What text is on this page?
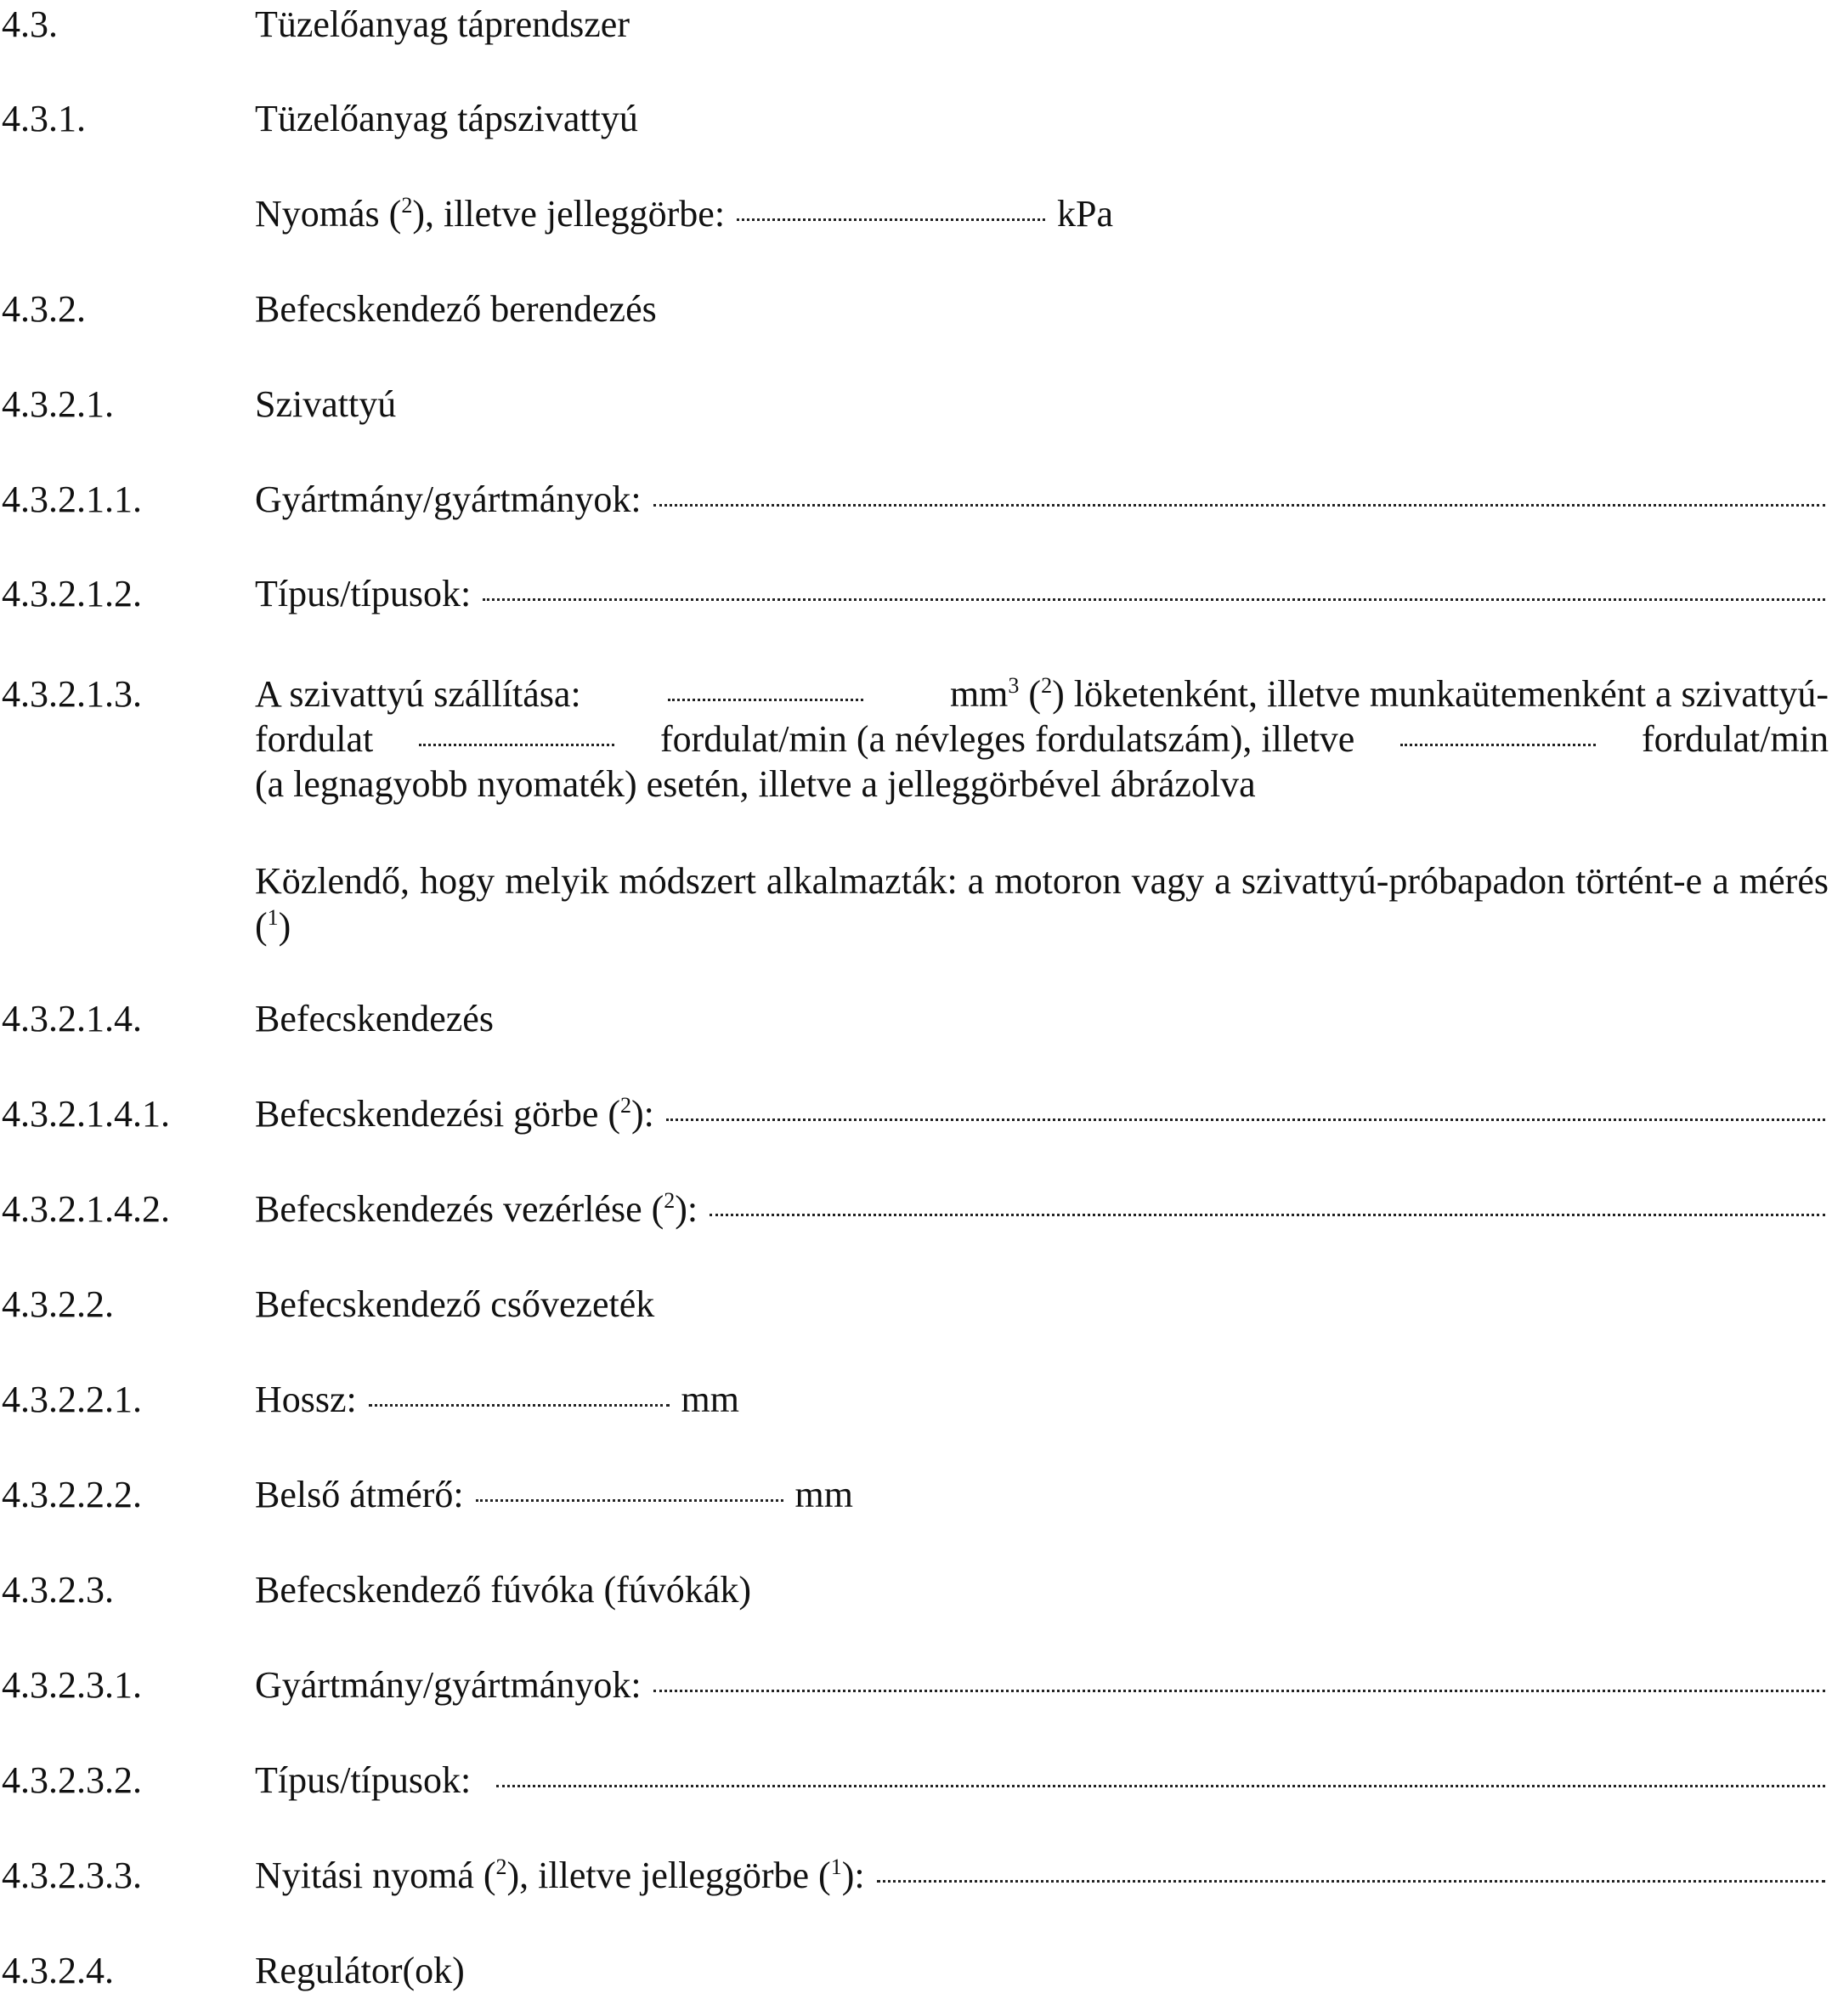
4.3.	Tüzelőanyag táprendszer
4.3.1.	Tüzelőanyag tápszivattyú
Nyomás ($^2$), illetve jelleggörbe:	kPa
4.3.2.	Befecskendező berendezés
4.3.2.1.	Szivattyú
4.3.2.1.1.	Gyártmány/gyártmányok:
4.3.2.1.2.	Típus/típusok:
4.3.2.1.3.	A szivattyú szállítása:	$mm^3$ ($^2$) löketenként, illetve munkaütemenként a szivattyú-
fordulat	fordulat/min (a névleges fordulatszám), illetve	fordulat/min
(a legnagyobb nyomaték) esetén, illetve a jelleggörbével ábrázolva
Közlendő, hogy melyik módszert alkalmazták: a motoron vagy a szivattyú-próbapadon történt-e a mérés ($^1$)
4.3.2.1.4.	Befecskendezés
4.3.2.1.4.1.	Befecskendezési görbe ($^2$):
4.3.2.1.4.2.	Befecskendezés vezérlése ($^2$):
4.3.2.2.	Befecskendező csővezeték
4.3.2.2.1.	Hossz:	mm
4.3.2.2.2.	Belső átmérő:	mm
4.3.2.3.	Befecskendező fúvóka (fúvókák)
4.3.2.3.1.	Gyártmány/gyártmányok:
4.3.2.3.2.	Típus/típusok:
4.3.2.3.3.	Nyitási nyomá ($^2$), illetve jelleggörbe ($^1$):
4.3.2.4.	Regulátor(ok)
